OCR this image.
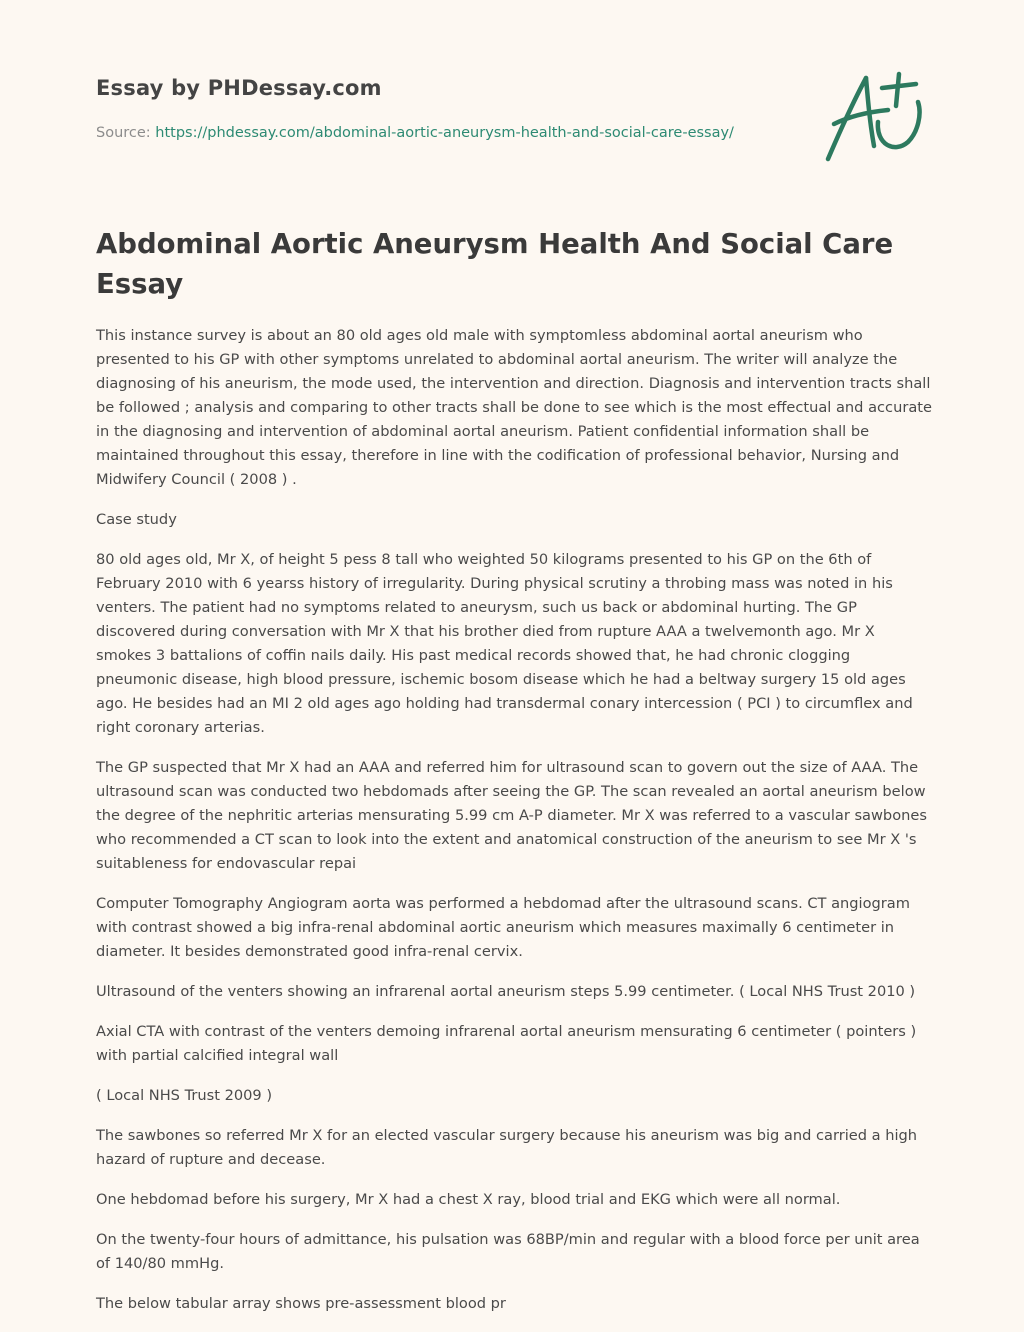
Essay by PHDessay.com
Source: https://phdessay.com/abdominal-aortic-aneurysm-health-and-social-care-essay/
Abdominal Aortic Aneurysm Health And Social Care Essay

This instance survey is about an 80 old ages old male with symptomless abdominal aortal aneurism who presented to his GP with other symptoms unrelated to abdominal aortal aneurism. The writer will analyze the diagnosing of his aneurism, the mode used, the intervention and direction. Diagnosis and intervention tracts shall be followed ; analysis and comparing to other tracts shall be done to see which is the most effectual and accurate in the diagnosing and intervention of abdominal aortal aneurism. Patient confidential information shall be maintained throughout this essay, therefore in line with the codification of professional behavior, Nursing and Midwifery Council ( 2008 ) .

Case study

80 old ages old, Mr X, of height 5 pess 8 tall who weighted 50 kilograms presented to his GP on the 6th of February 2010 with 6 yearss history of irregularity. During physical scrutiny a throbing mass was noted in his venters. The patient had no symptoms related to aneurysm, such us back or abdominal hurting. The GP discovered during conversation with Mr X that his brother died from rupture AAA a twelvemonth ago. Mr X smokes 3 battalions of coffin nails daily. His past medical records showed that, he had chronic clogging pneumonic disease, high blood pressure, ischemic bosom disease which he had a beltway surgery 15 old ages ago. He besides had an MI 2 old ages ago holding had transdermal conary intercession ( PCI ) to circumflex and right coronary arterias.

The GP suspected that Mr X had an AAA and referred him for ultrasound scan to govern out the size of AAA. The ultrasound scan was conducted two hebdomads after seeing the GP. The scan revealed an aortal aneurism below the degree of the nephritic arterias mensurating 5.99 cm A-P diameter. Mr X was referred to a vascular sawbones who recommended a CT scan to look into the extent and anatomical construction of the aneurism to see Mr X 's suitableness for endovascular repai

Computer Tomography Angiogram aorta was performed a hebdomad after the ultrasound scans. CT angiogram with contrast showed a big infra-renal abdominal aortic aneurism which measures maximally 6 centimeter in diameter. It besides demonstrated good infra-renal cervix.

Ultrasound of the venters showing an infrarenal aortal aneurism steps 5.99 centimeter. ( Local NHS Trust 2010 )

Axial CTA with contrast of the venters demoing infrarenal aortal aneurism mensurating 6 centimeter ( pointers ) with partial calcified integral wall

( Local NHS Trust 2009 )

The sawbones so referred Mr X for an elected vascular surgery because his aneurism was big and carried a high hazard of rupture and decease.

One hebdomad before his surgery, Mr X had a chest X ray, blood trial and EKG which were all normal.

On the twenty-four hours of admittance, his pulsation was 68BP/min and regular with a blood force per unit area of 140/80 mmHg.

The below tabular array shows pre-assessment blood pr
